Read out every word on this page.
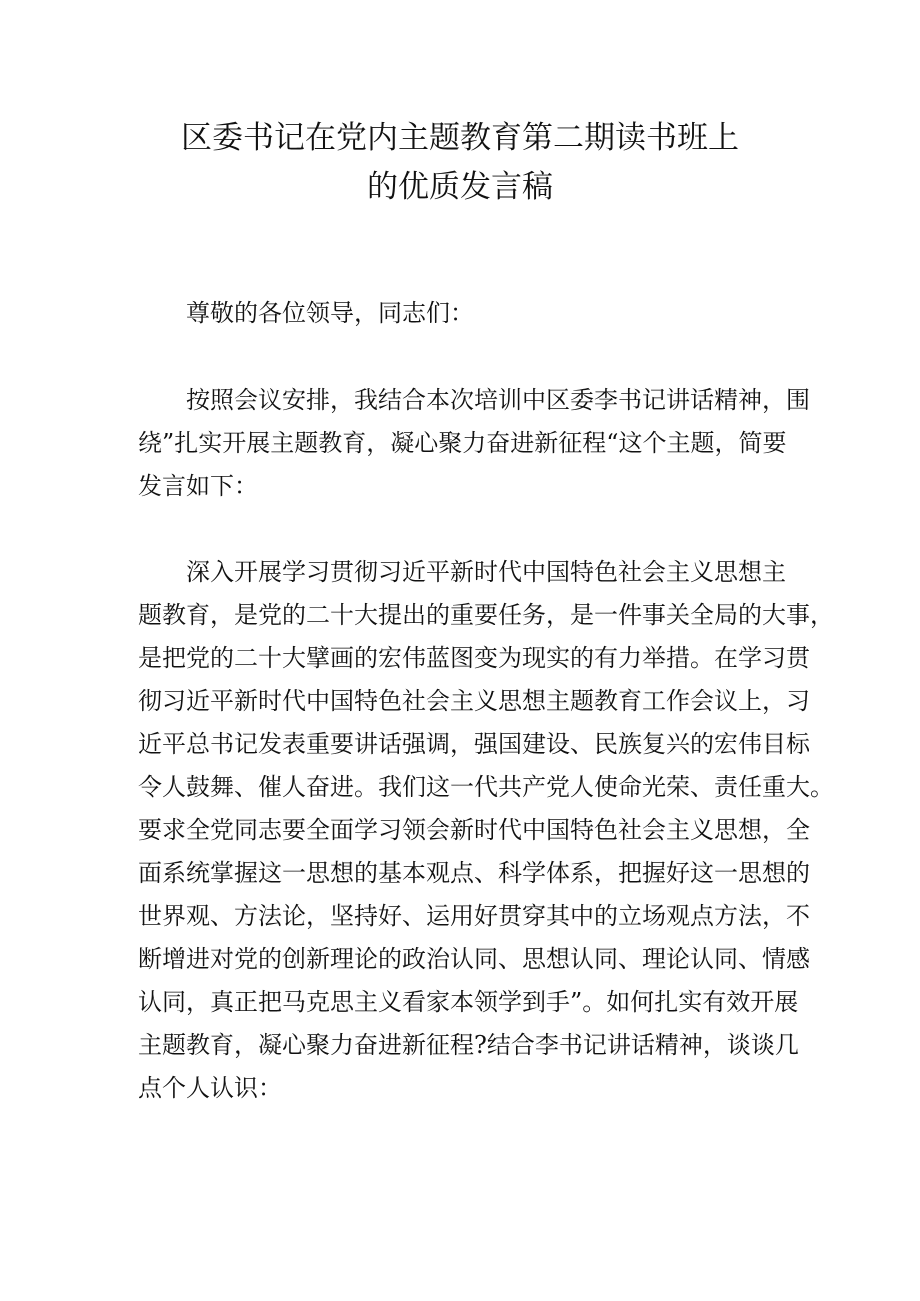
区委书记在党内主题教育第二期读书班上
的优质发言稿

尊敬的各位领导，同志们：

按照会议安排，我结合本次培训中区委李书记讲话精神，围
绕”扎实开展主题教育，凝心聚力奋进新征程“这个主题，简要
发言如下：

深入开展学习贯彻习近平新时代中国特色社会主义思想主
题教育，是党的二十大提出的重要任务，是一件事关全局的大事，
是把党的二十大擘画的宏伟蓝图变为现实的有力举措。在学习贯
彻习近平新时代中国特色社会主义思想主题教育工作会议上，习
近平总书记发表重要讲话强调，强国建设、民族复兴的宏伟目标
令人鼓舞、催人奋进。我们这一代共产党人使命光荣、责任重大。
要求全党同志要全面学习领会新时代中国特色社会主义思想，全
面系统掌握这一思想的基本观点、科学体系，把握好这一思想的
世界观、方法论，坚持好、运用好贯穿其中的立场观点方法，不
断增进对党的创新理论的政治认同、思想认同、理论认同、情感
认同，真正把马克思主义看家本领学到手”。如何扎实有效开展
主题教育，凝心聚力奋进新征程?结合李书记讲话精神，谈谈几
点个人认识：
